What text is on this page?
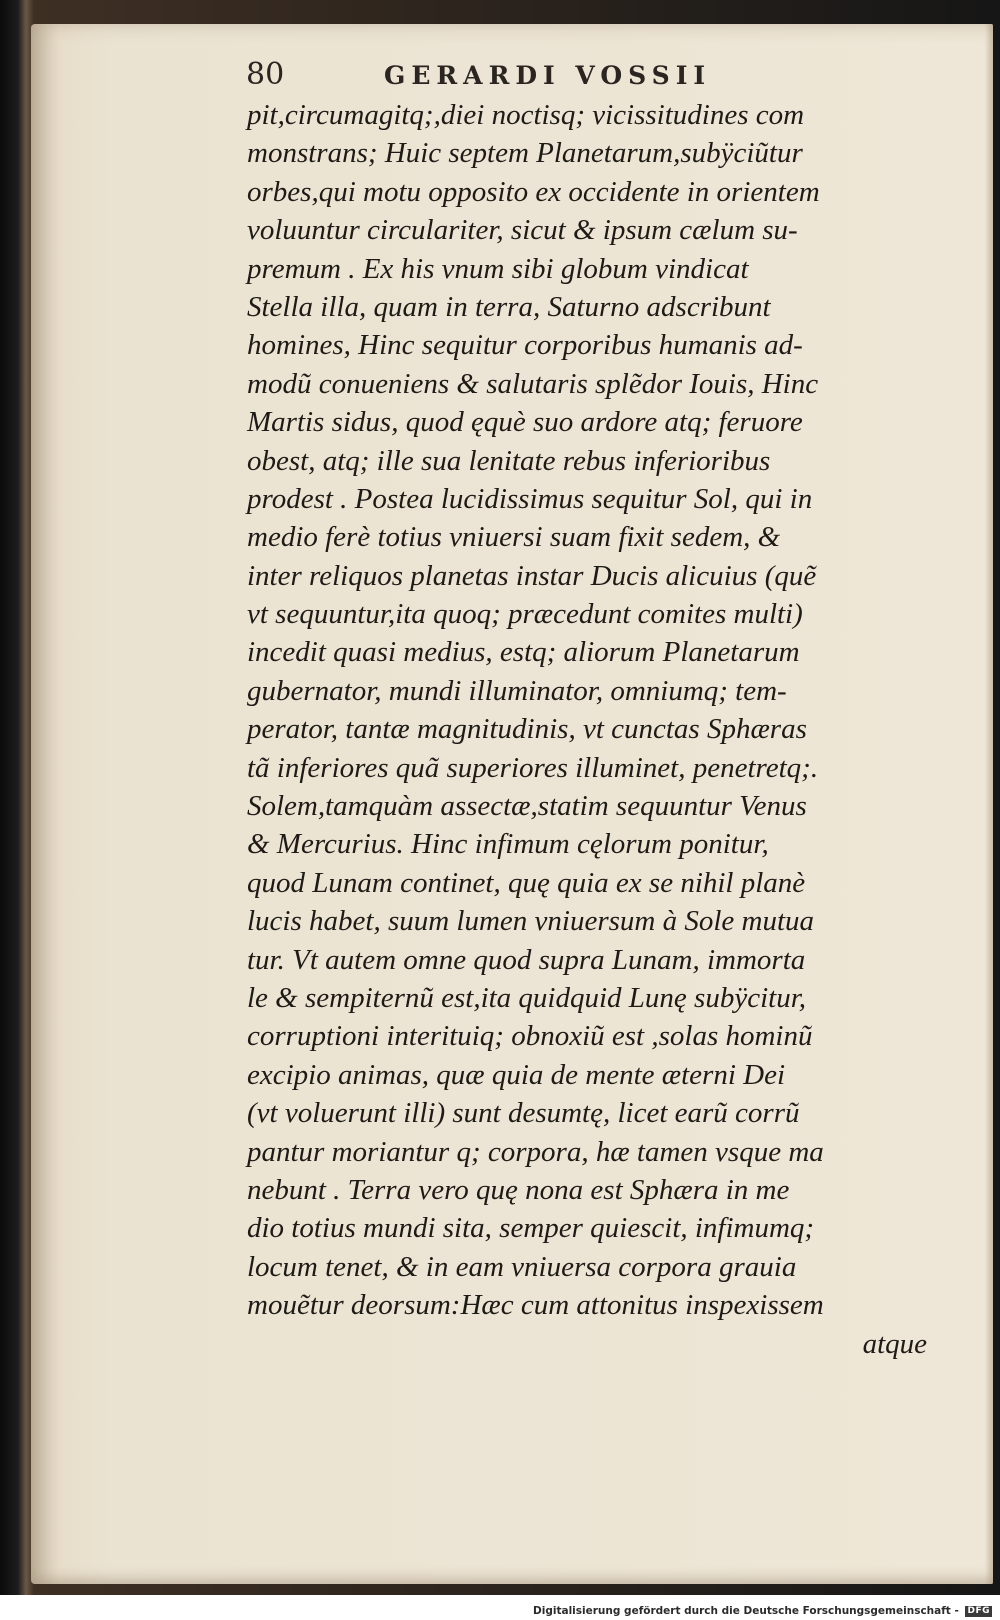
80	GERARDI VOSSII
pit,circumagitq;,diei noctisq; vicissitudines com
monstrans; Huic septem Planetarum,subÿciũtur
orbes,qui motu opposito ex occidente in orientem
voluuntur circulariter, sicut & ipsum cælum su-
premum . Ex his vnum sibi globum vindicat
Stella illa, quam in terra, Saturno adscribunt
homines, Hinc sequitur corporibus humanis ad-
modũ conueniens & salutaris splẽdor Iouis, Hinc
Martis sidus, quod ęquè suo ardore atq; feruore
obest, atq; ille sua lenitate rebus inferioribus
prodest . Postea lucidissimus sequitur Sol, qui in
medio ferè totius vniuersi suam fixit sedem, &
inter reliquos planetas instar Ducis alicuius (quẽ
vt sequuntur,ita quoq; præcedunt comites multi)
incedit quasi medius, estq; aliorum Planetarum
gubernator, mundi illuminator, omniumq; tem-
perator, tantæ magnitudinis, vt cunctas Sphæras
tã inferiores quã superiores illuminet, penetretq;.
Solem,tamquàm assectæ,statim sequuntur Venus
& Mercurius. Hinc infimum cęlorum ponitur,
quod Lunam continet, quę quia ex se nihil planè
lucis habet, suum lumen vniuersum à Sole mutua
tur. Vt autem omne quod supra Lunam, immorta
le & sempiternũ est,ita quidquid Lunę subÿcitur,
corruptioni interituiq; obnoxiũ est ,solas hominũ
excipio animas, quæ quia de mente æterni Dei
(vt voluerunt illi) sunt desumtę, licet earũ corrũ
pantur moriantur q; corpora, hæ tamen vsque ma
nebunt . Terra vero quę nona est Sphæra in me
dio totius mundi sita, semper quiescit, infimumq;
locum tenet, & in eam vniuersa corpora grauia
mouẽtur deorsum:Hæc cum attonitus inspexissem
atque
Digitalisierung gefördert durch die Deutsche Forschungsgemeinschaft - DFG
